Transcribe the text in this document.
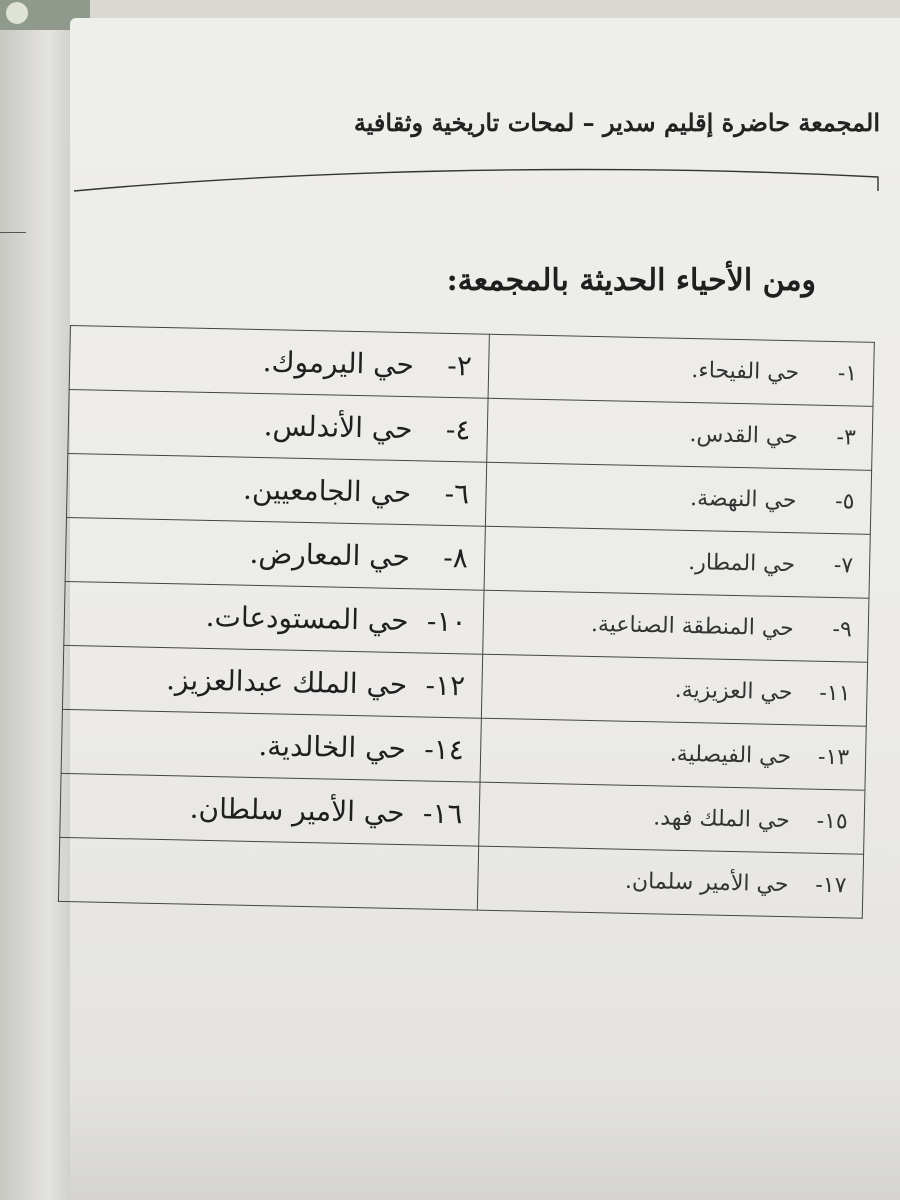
المجمعة حاضرة إقليم سدير – لمحات تاريخية وثقافية
ومن الأحياء الحديثة بالمجمعة:
١-حي الفيحاء.	٢-حي اليرموك.
٣-حي القدس.	٤-حي الأندلس.
٥-حي النهضة.	٦-حي الجامعيين.
٧-حي المطار.	٨-حي المعارض.
٩-حي المنطقة الصناعية.	١٠-حي المستودعات.
١١-حي العزيزية.	١٢-حي الملك عبدالعزيز.
١٣-حي الفيصلية.	١٤-حي الخالدية.
١٥-حي الملك فهد.	١٦-حي الأمير سلطان.
١٧-حي الأمير سلمان.	
